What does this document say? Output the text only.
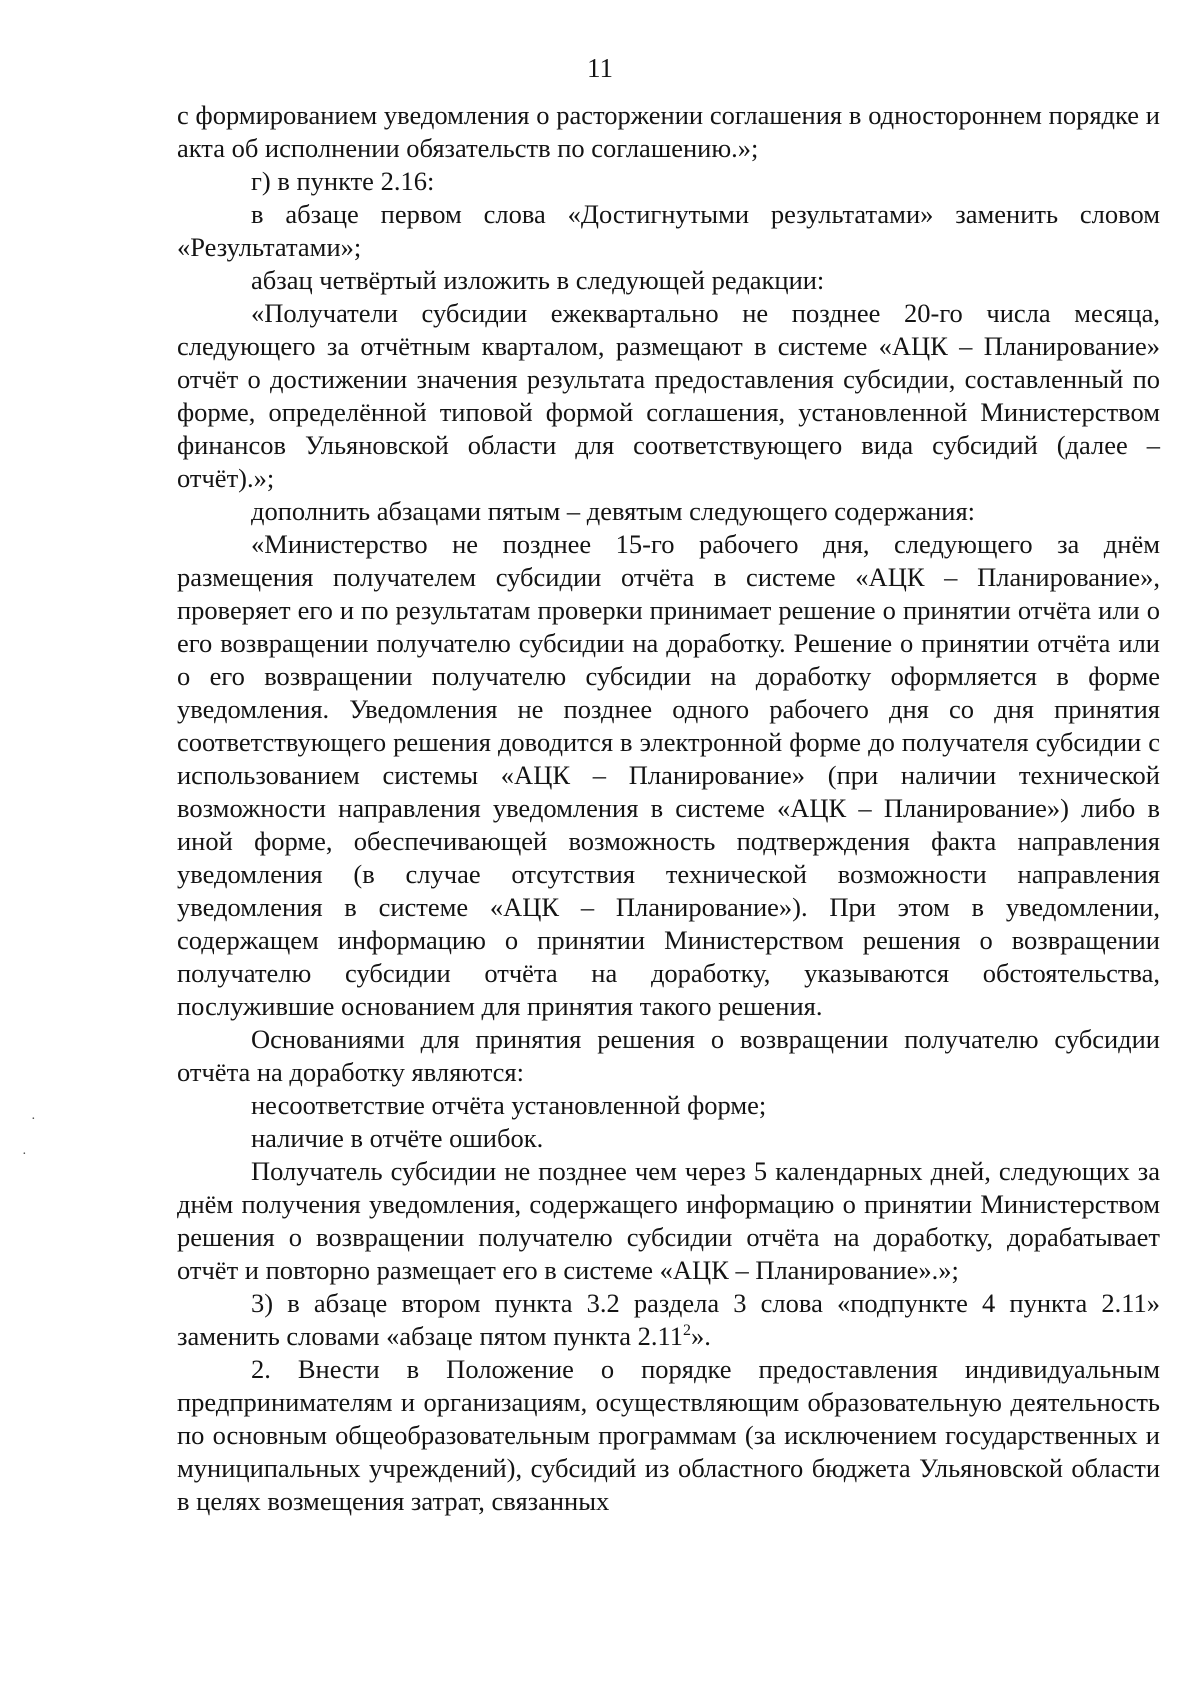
11

с формированием уведомления о расторжении соглашения в одностороннем порядке и акта об исполнении обязательств по соглашению.»;

г) в пункте 2.16:

в абзаце первом слова «Достигнутыми результатами» заменить словом «Результатами»;

абзац четвёртый изложить в следующей редакции:

«Получатели субсидии ежеквартально не позднее 20-го числа месяца, следующего за отчётным кварталом, размещают в системе «АЦК – Планирование» отчёт о достижении значения результата предоставления субсидии, составленный по форме, определённой типовой формой соглашения, установленной Министерством финансов Ульяновской области для соответствующего вида субсидий (далее – отчёт).»;

дополнить абзацами пятым – девятым следующего содержания:

«Министерство не позднее 15-го рабочего дня, следующего за днём размещения получателем субсидии отчёта в системе «АЦК – Планирование», проверяет его и по результатам проверки принимает решение о принятии отчёта или о его возвращении получателю субсидии на доработку. Решение о принятии отчёта или о его возвращении получателю субсидии на доработку оформляется в форме уведомления. Уведомления не позднее одного рабочего дня со дня принятия соответствующего решения доводится в электронной форме до получателя субсидии с использованием системы «АЦК – Планирование» (при наличии технической возможности направления уведомления в системе «АЦК – Планирование») либо в иной форме, обеспечивающей возможность подтверждения факта направления уведомления (в случае отсутствия технической возможности направления уведомления в системе «АЦК – Планирование»). При этом в уведомлении, содержащем информацию о принятии Министерством решения о возвращении получателю субсидии отчёта на доработку, указываются обстоятельства, послужившие основанием для принятия такого решения.

Основаниями для принятия решения о возвращении получателю субсидии отчёта на доработку являются:

несоответствие отчёта установленной форме;

наличие в отчёте ошибок.

Получатель субсидии не позднее чем через 5 календарных дней, следующих за днём получения уведомления, содержащего информацию о принятии Министерством решения о возвращении получателю субсидии отчёта на доработку, дорабатывает отчёт и повторно размещает его в системе «АЦК – Планирование».»;

3) в абзаце втором пункта 3.2 раздела 3 слова «подпункте 4 пункта 2.11» заменить словами «абзаце пятом пункта 2.11$^2$».

2. Внести в Положение о порядке предоставления индивидуальным предпринимателям и организациям, осуществляющим образовательную деятельность по основным общеобразовательным программам (за исключением государственных и муниципальных учреждений), субсидий из областного бюджета Ульяновской области в целях возмещения затрат, связанных

·
·
